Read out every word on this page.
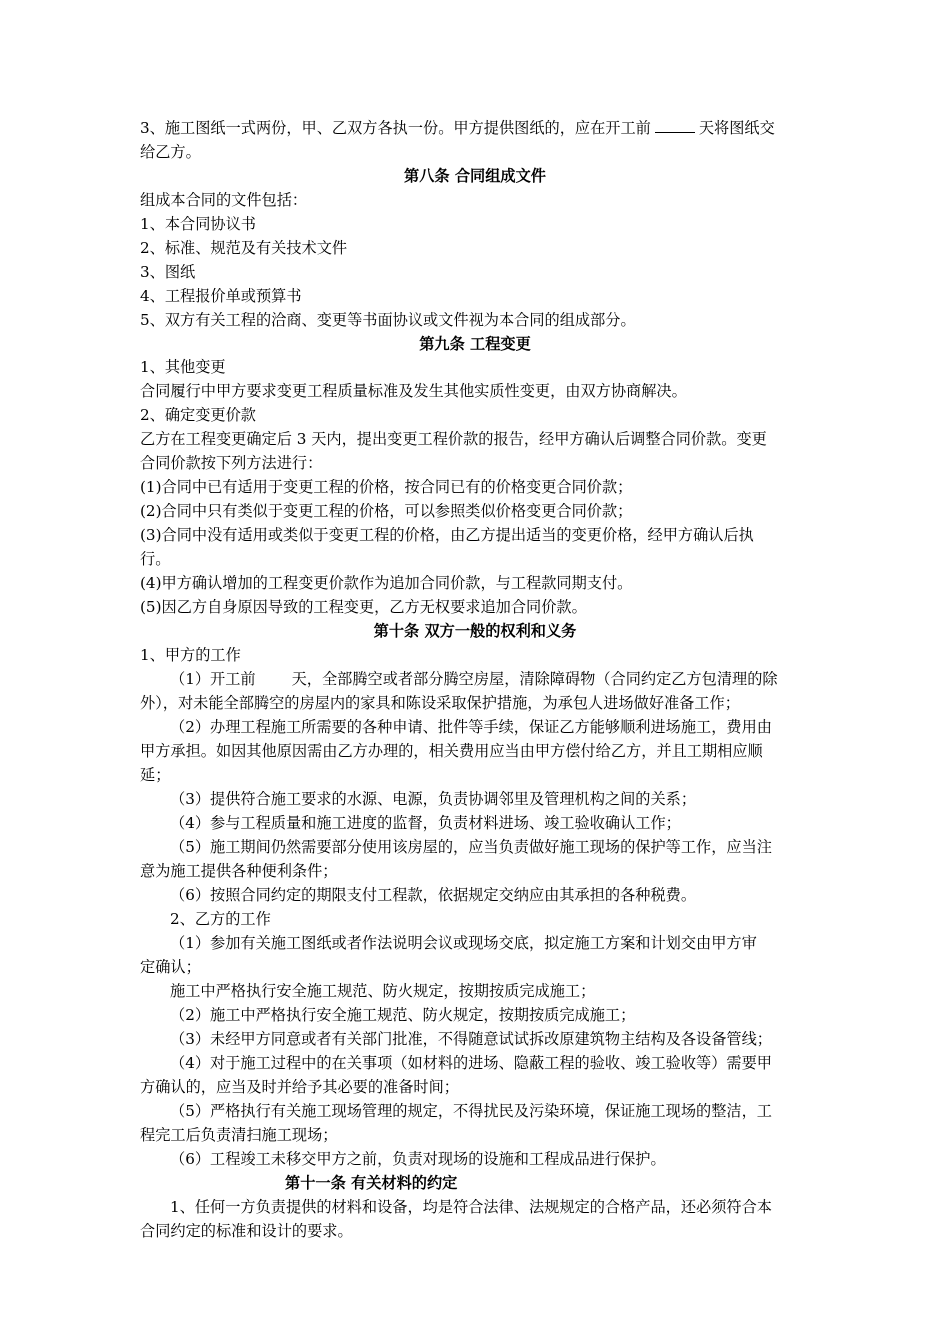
3、施工图纸一式两份，甲、乙双方各执一份。甲方提供图纸的，应在开工前	天将图纸交
给乙方。
第八条 合同组成文件
组成本合同的文件包括：
1、本合同协议书
2、标准、规范及有关技术文件
3、图纸
4、工程报价单或预算书
5、双方有关工程的洽商、变更等书面协议或文件视为本合同的组成部分。
第九条 工程变更
1、其他变更
合同履行中甲方要求变更工程质量标准及发生其他实质性变更，由双方协商解决。
2、确定变更价款
乙方在工程变更确定后 3 天内，提出变更工程价款的报告，经甲方确认后调整合同价款。变更
合同价款按下列方法进行：
(1)合同中已有适用于变更工程的价格，按合同已有的价格变更合同价款；
(2)合同中只有类似于变更工程的价格，可以参照类似价格变更合同价款；
(3)合同中没有适用或类似于变更工程的价格，由乙方提出适当的变更价格，经甲方确认后执
行。
(4)甲方确认增加的工程变更价款作为追加合同价款，与工程款同期支付。
(5)因乙方自身原因导致的工程变更，乙方无权要求追加合同价款。
第十条 双方一般的权利和义务
1、甲方的工作
（1）开工前 天，全部腾空或者部分腾空房屋，清除障碍物（合同约定乙方包清理的除
外），对未能全部腾空的房屋内的家具和陈设采取保护措施，为承包人进场做好准备工作；
（2）办理工程施工所需要的各种申请、批件等手续，保证乙方能够顺利进场施工，费用由
甲方承担。如因其他原因需由乙方办理的，相关费用应当由甲方偿付给乙方，并且工期相应顺
延；
（3）提供符合施工要求的水源、电源，负责协调邻里及管理机构之间的关系；
（4）参与工程质量和施工进度的监督，负责材料进场、竣工验收确认工作；
（5）施工期间仍然需要部分使用该房屋的，应当负责做好施工现场的保护等工作，应当注
意为施工提供各种便利条件；
（6）按照合同约定的期限支付工程款，依据规定交纳应由其承担的各种税费。
2、乙方的工作
（1）参加有关施工图纸或者作法说明会议或现场交底，拟定施工方案和计划交由甲方审
定确认；
施工中严格执行安全施工规范、防火规定，按期按质完成施工；
（2）施工中严格执行安全施工规范、防火规定，按期按质完成施工；
（3）未经甲方同意或者有关部门批准，不得随意试试拆改原建筑物主结构及各设备管线；
（4）对于施工过程中的在关事项（如材料的进场、隐蔽工程的验收、竣工验收等）需要甲
方确认的，应当及时并给予其必要的准备时间；
（5）严格执行有关施工现场管理的规定，不得扰民及污染环境，保证施工现场的整洁，工
程完工后负责清扫施工现场；
（6）工程竣工未移交甲方之前，负责对现场的设施和工程成品进行保护。
第十一条 有关材料的约定
1、任何一方负责提供的材料和设备，均是符合法律、法规规定的合格产品，还必须符合本
合同约定的标准和设计的要求。
